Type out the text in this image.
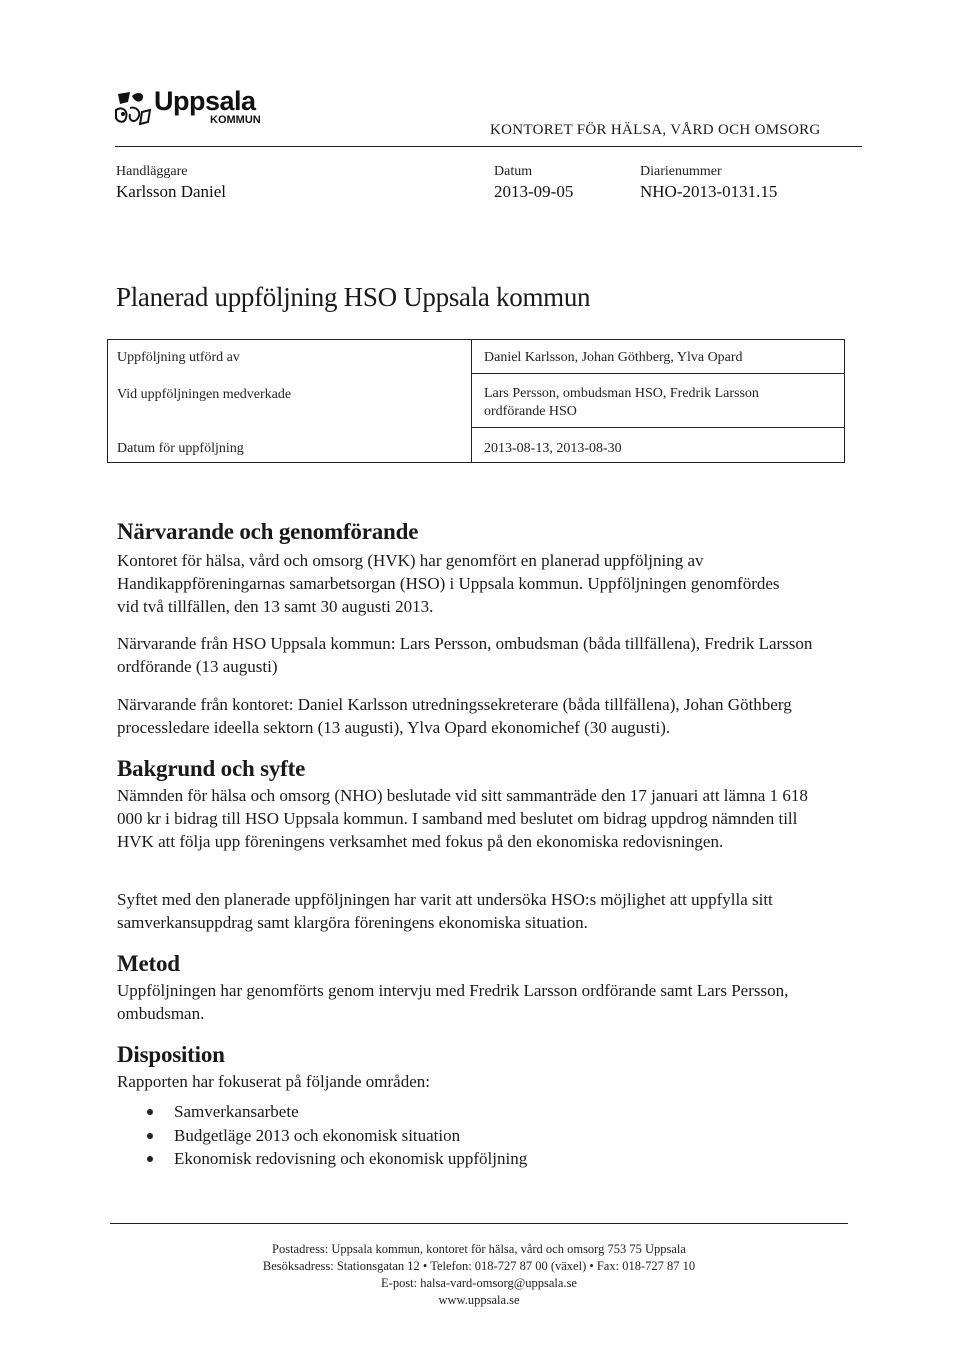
Uppsala
KOMMUN
KONTORET FÖR HÄLSA, VÅRD OCH OMSORG
Handläggare
Karlsson Daniel
Datum
2013-09-05
Diarienummer
NHO-2013-0131.15
Planerad uppföljning HSO Uppsala kommun
Uppföljning utförd av	Daniel Karlsson, Johan Göthberg, Ylva Opard
Vid uppföljningen medverkade	Lars Persson, ombudsman HSO, Fredrik Larsson
ordförande HSO
Datum för uppföljning	2013-08-13, 2013-08-30
Närvarande och genomförande

Kontoret för hälsa, vård och omsorg (HVK) har genomfört en planerad uppföljning av Handikappföreningarnas samarbetsorgan (HSO) i Uppsala kommun. Uppföljningen genomfördes vid två tillfällen, den 13 samt 30 augusti 2013.

Närvarande från HSO Uppsala kommun: Lars Persson, ombudsman (båda tillfällena), Fredrik Larsson ordförande (13 augusti)

Närvarande från kontoret: Daniel Karlsson utredningssekreterare (båda tillfällena), Johan Göthberg processledare ideella sektorn (13 augusti), Ylva Opard ekonomichef (30 augusti).

Bakgrund och syfte

Nämnden för hälsa och omsorg (NHO) beslutade vid sitt sammanträde den 17 januari att lämna 1 618 000 kr i bidrag till HSO Uppsala kommun. I samband med beslutet om bidrag uppdrog nämnden till HVK att följa upp föreningens verksamhet med fokus på den ekonomiska redovisningen.

Syftet med den planerade uppföljningen har varit att undersöka HSO:s möjlighet att uppfylla sitt samverkansuppdrag samt klargöra föreningens ekonomiska situation.

Metod

Uppföljningen har genomförts genom intervju med Fredrik Larsson ordförande samt Lars Persson, ombudsman.

Disposition

Rapporten har fokuserat på följande områden:

Samverkansarbete
Budgetläge 2013 och ekonomisk situation
Ekonomisk redovisning och ekonomisk uppföljning
Postadress: Uppsala kommun, kontoret för hälsa, vård och omsorg 753 75 Uppsala
Besöksadress: Stationsgatan 12 • Telefon: 018-727 87 00 (växel) • Fax: 018-727 87 10
E-post: halsa-vard-omsorg@uppsala.se
www.uppsala.se
